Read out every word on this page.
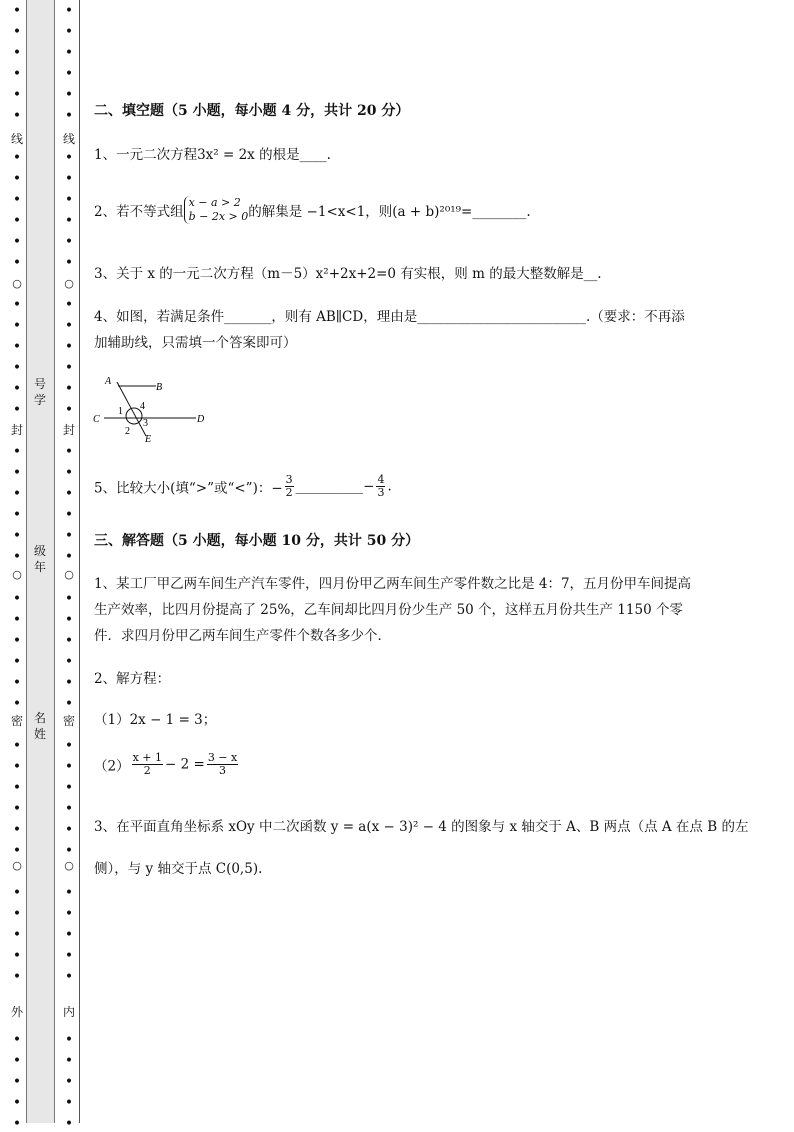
•
•
•
•
•
•
•
•
•
•
•
•
•
•
•
•
•
•
•
•
•
•
•
•
•
•
•
•
•
•
•
•
•
•
•
•
•
•
•
•
•
•
•
•
•
•
•
•
•
•
•
•
•
•
•
•
•
•
•
•
•
•
•
•
•
•
•
•
•
•
•
•
•
•
•
•
•
•
•
•
•
•
•
•
•
•
•
•
•
•
•
•
线
封
密
外
线
封
密
内
号学
级年
名姓
○
○
○
○
○
○
二、填空题（5 小题，每小题 4 分，共计 20 分）
1、一元二次方程3x² = 2x 的根是____.
2、若不等式组
x − a > 2
b − 2x > 0 的解集是 −1<x<1，则(a + b)²⁰¹⁹=________.
3、关于 x 的一元二次方程（m－5）x²+2x+2=0 有实根，则 m 的最大整数解是__.
4、如图，若满足条件_______，则有 AB∥CD，理由是_________________________.（要求：不再添
加辅助线，只需填一个答案即可）
5、比较大小(填“>”或“<”)：− $\frac{3}{2}$ __________− $\frac{4}{3}$ .
三、解答题（5 小题，每小题 10 分，共计 50 分）
1、某工厂甲乙两车间生产汽车零件，四月份甲乙两车间生产零件数之比是 4：7，五月份甲车间提高
生产效率，比四月份提高了 25%，乙车间却比四月份少生产 50 个，这样五月份共生产 1150 个零
件．求四月份甲乙两车间生产零件个数各多少个．
2、解方程：
（1）2x − 1 = 3；
$(2) \frac{x + 1}{2} - 2 = \frac{3 - x}{3}$
3、在平面直角坐标系 xOy 中二次函数 y = a(x − 3)² − 4 的图象与 x 轴交于 A、B 两点（点 A 在点 B 的左
侧），与 y 轴交于点 C(0,5).
A
B
C	D
E
1 4
2
3
